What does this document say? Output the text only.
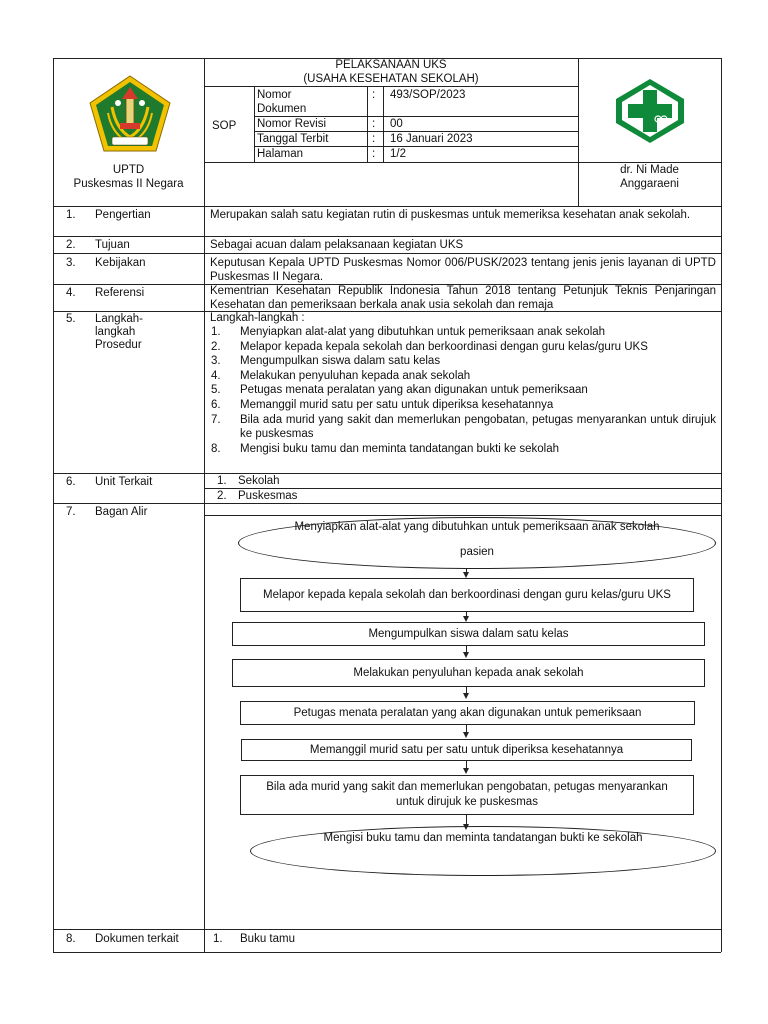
PELAKSANAAN UKS
(USAHA KESEHATAN SEKOLAH)
SOP
Nomor Dokumen
: 493/SOP/2023
Nomor Revisi	: 00
Tanggal Terbit	: 16 Januari 2023
Halaman	: 1/2
UPTD
Puskesmas II Negara
dr. Ni Made
Anggaraeni
1. Pengertian	Merupakan salah satu kegiatan rutin di puskesmas untuk memeriksa kesehatan anak sekolah.
2. Tujuan	Sebagai acuan dalam pelaksanaan kegiatan UKS
3. Kebijakan	Keputusan Kepala UPTD Puskesmas Nomor 006/PUSK/2023 tentang jenis jenis layanan di UPTD Puskesmas II Negara.
4. Referensi	Kementrian Kesehatan Republik Indonesia Tahun 2018 tentang Petunjuk Teknis Penjaringan Kesehatan dan pemeriksaan berkala anak usia sekolah dan remaja
5. Langkah-
langkah
Prosedur
Langkah-langkah :
1. Menyiapkan alat-alat yang dibutuhkan untuk pemeriksaan anak sekolah
2. Melapor kepada kepala sekolah dan berkoordinasi dengan guru kelas/guru UKS
3. Mengumpulkan siswa dalam satu kelas
4. Melakukan penyuluhan kepada anak sekolah
5. Petugas menata peralatan yang akan digunakan untuk pemeriksaan
6. Memanggil murid satu per satu untuk diperiksa kesehatannya
7. Bila ada murid yang sakit dan memerlukan pengobatan, petugas menyarankan untuk dirujuk ke puskesmas
8. Mengisi buku tamu dan meminta tandatangan bukti ke sekolah
6. Unit Terkait	1. Sekolah
2. Puskesmas
7. Bagan Alir
Menyiapkan alat-alat yang dibutuhkan untuk pemeriksaan anak sekolah
pasien
Melapor kepada kepala sekolah dan berkoordinasi dengan guru kelas/guru UKS
Mengumpulkan siswa dalam satu kelas
Melakukan penyuluhan kepada anak sekolah
Petugas menata peralatan yang akan digunakan untuk pemeriksaan
Memanggil murid satu per satu untuk diperiksa kesehatannya
Bila ada murid yang sakit dan memerlukan pengobatan, petugas menyarankan untuk dirujuk ke puskesmas
Mengisi buku tamu dan meminta tandatangan bukti ke sekolah
8. Dokumen terkait	1. Buku tamu
